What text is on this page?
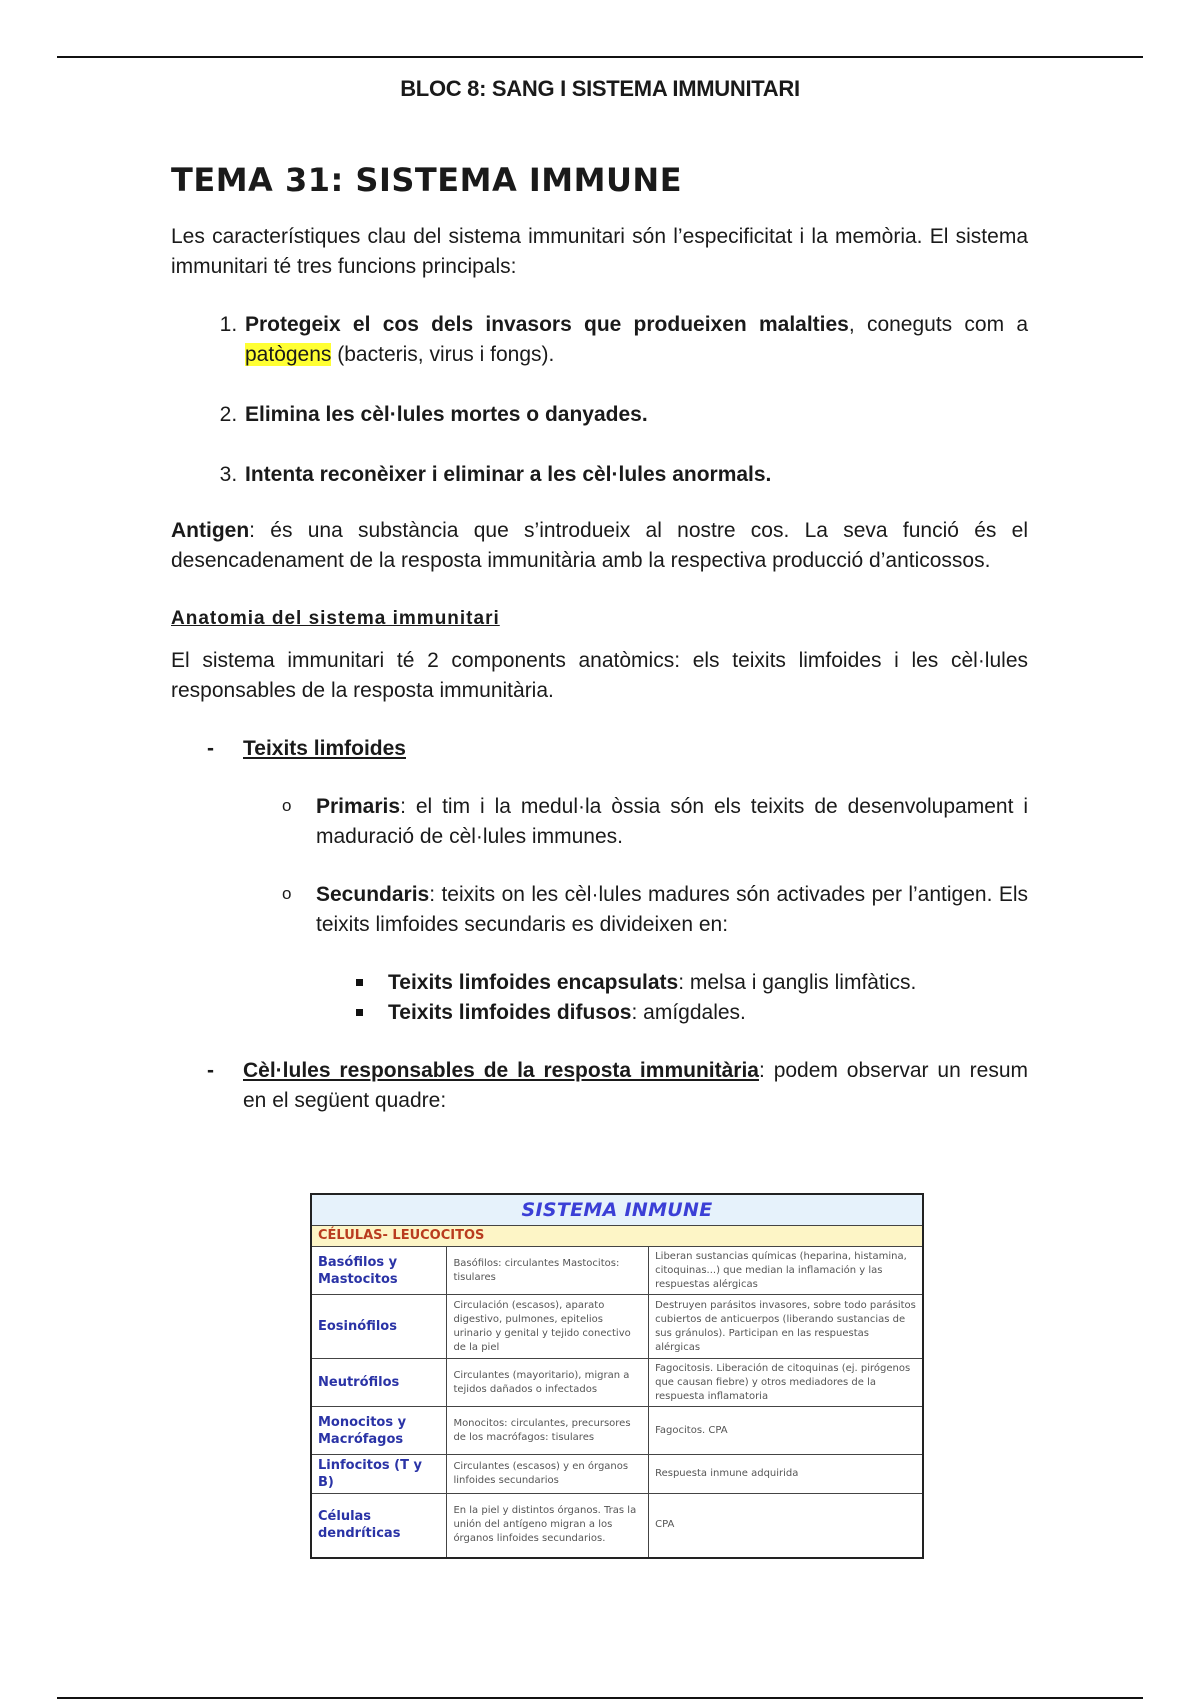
BLOC 8: SANG I SISTEMA IMMUNITARI
TEMA 31: SISTEMA IMMUNE

Les característiques clau del sistema immunitari són l’especificitat i la memòria. El sistema immunitari té tres funcions principals:

1. Protegeix el cos dels invasors que produeixen malalties, coneguts com a patògens (bacteris, virus i fongs).
2. Elimina les cèl·lules mortes o danyades.
3. Intenta reconèixer i eliminar a les cèl·lules anormals.

Antigen: és una substància que s’introdueix al nostre cos. La seva funció és el desencadenament de la resposta immunitària amb la respectiva producció d’anticossos.

Anatomia del sistema immunitari

El sistema immunitari té 2 components anatòmics: els teixits limfoides i les cèl·lules responsables de la resposta immunitària.

- Teixits limfoides

o Primaris: el tim i la medul·la òssia són els teixits de desenvolupament i maduració de cèl·lules immunes.

o Secundaris: teixits on les cèl·lules madures són activades per l’antigen. Els teixits limfoides secundaris es divideixen en:

Teixits limfoides encapsulats: melsa i ganglis limfàtics.

Teixits limfoides difusos: amígdales.

- Cèl·lules responsables de la resposta immunitària: podem observar un resum en el següent quadre:

SISTEMA INMUNE		
CÉLULAS- LEUCOCITOS		
Basófilos y Mastocitos	Basófilos: circulantes Mastocitos: tisulares	Liberan sustancias químicas (heparina, histamina, citoquinas...) que median la inflamación y las respuestas alérgicas
Eosinófilos	Circulación (escasos), aparato digestivo, pulmones, epitelios urinario y genital y tejido conectivo de la piel	Destruyen parásitos invasores, sobre todo parásitos cubiertos de anticuerpos (liberando sustancias de sus gránulos). Participan en las respuestas alérgicas
Neutrófilos	Circulantes (mayoritario), migran a tejidos dañados o infectados	Fagocitosis. Liberación de citoquinas (ej. pirógenos que causan fiebre) y otros mediadores de la respuesta inflamatoria
Monocitos y Macrófagos	Monocitos: circulantes, precursores de los macrófagos: tisulares	Fagocitos. CPA
Linfocitos (T y B)	Circulantes (escasos) y en órganos linfoides secundarios	Respuesta inmune adquirida
Células dendríticas	En la piel y distintos órganos. Tras la unión del antígeno migran a los órganos linfoides secundarios.	CPA
